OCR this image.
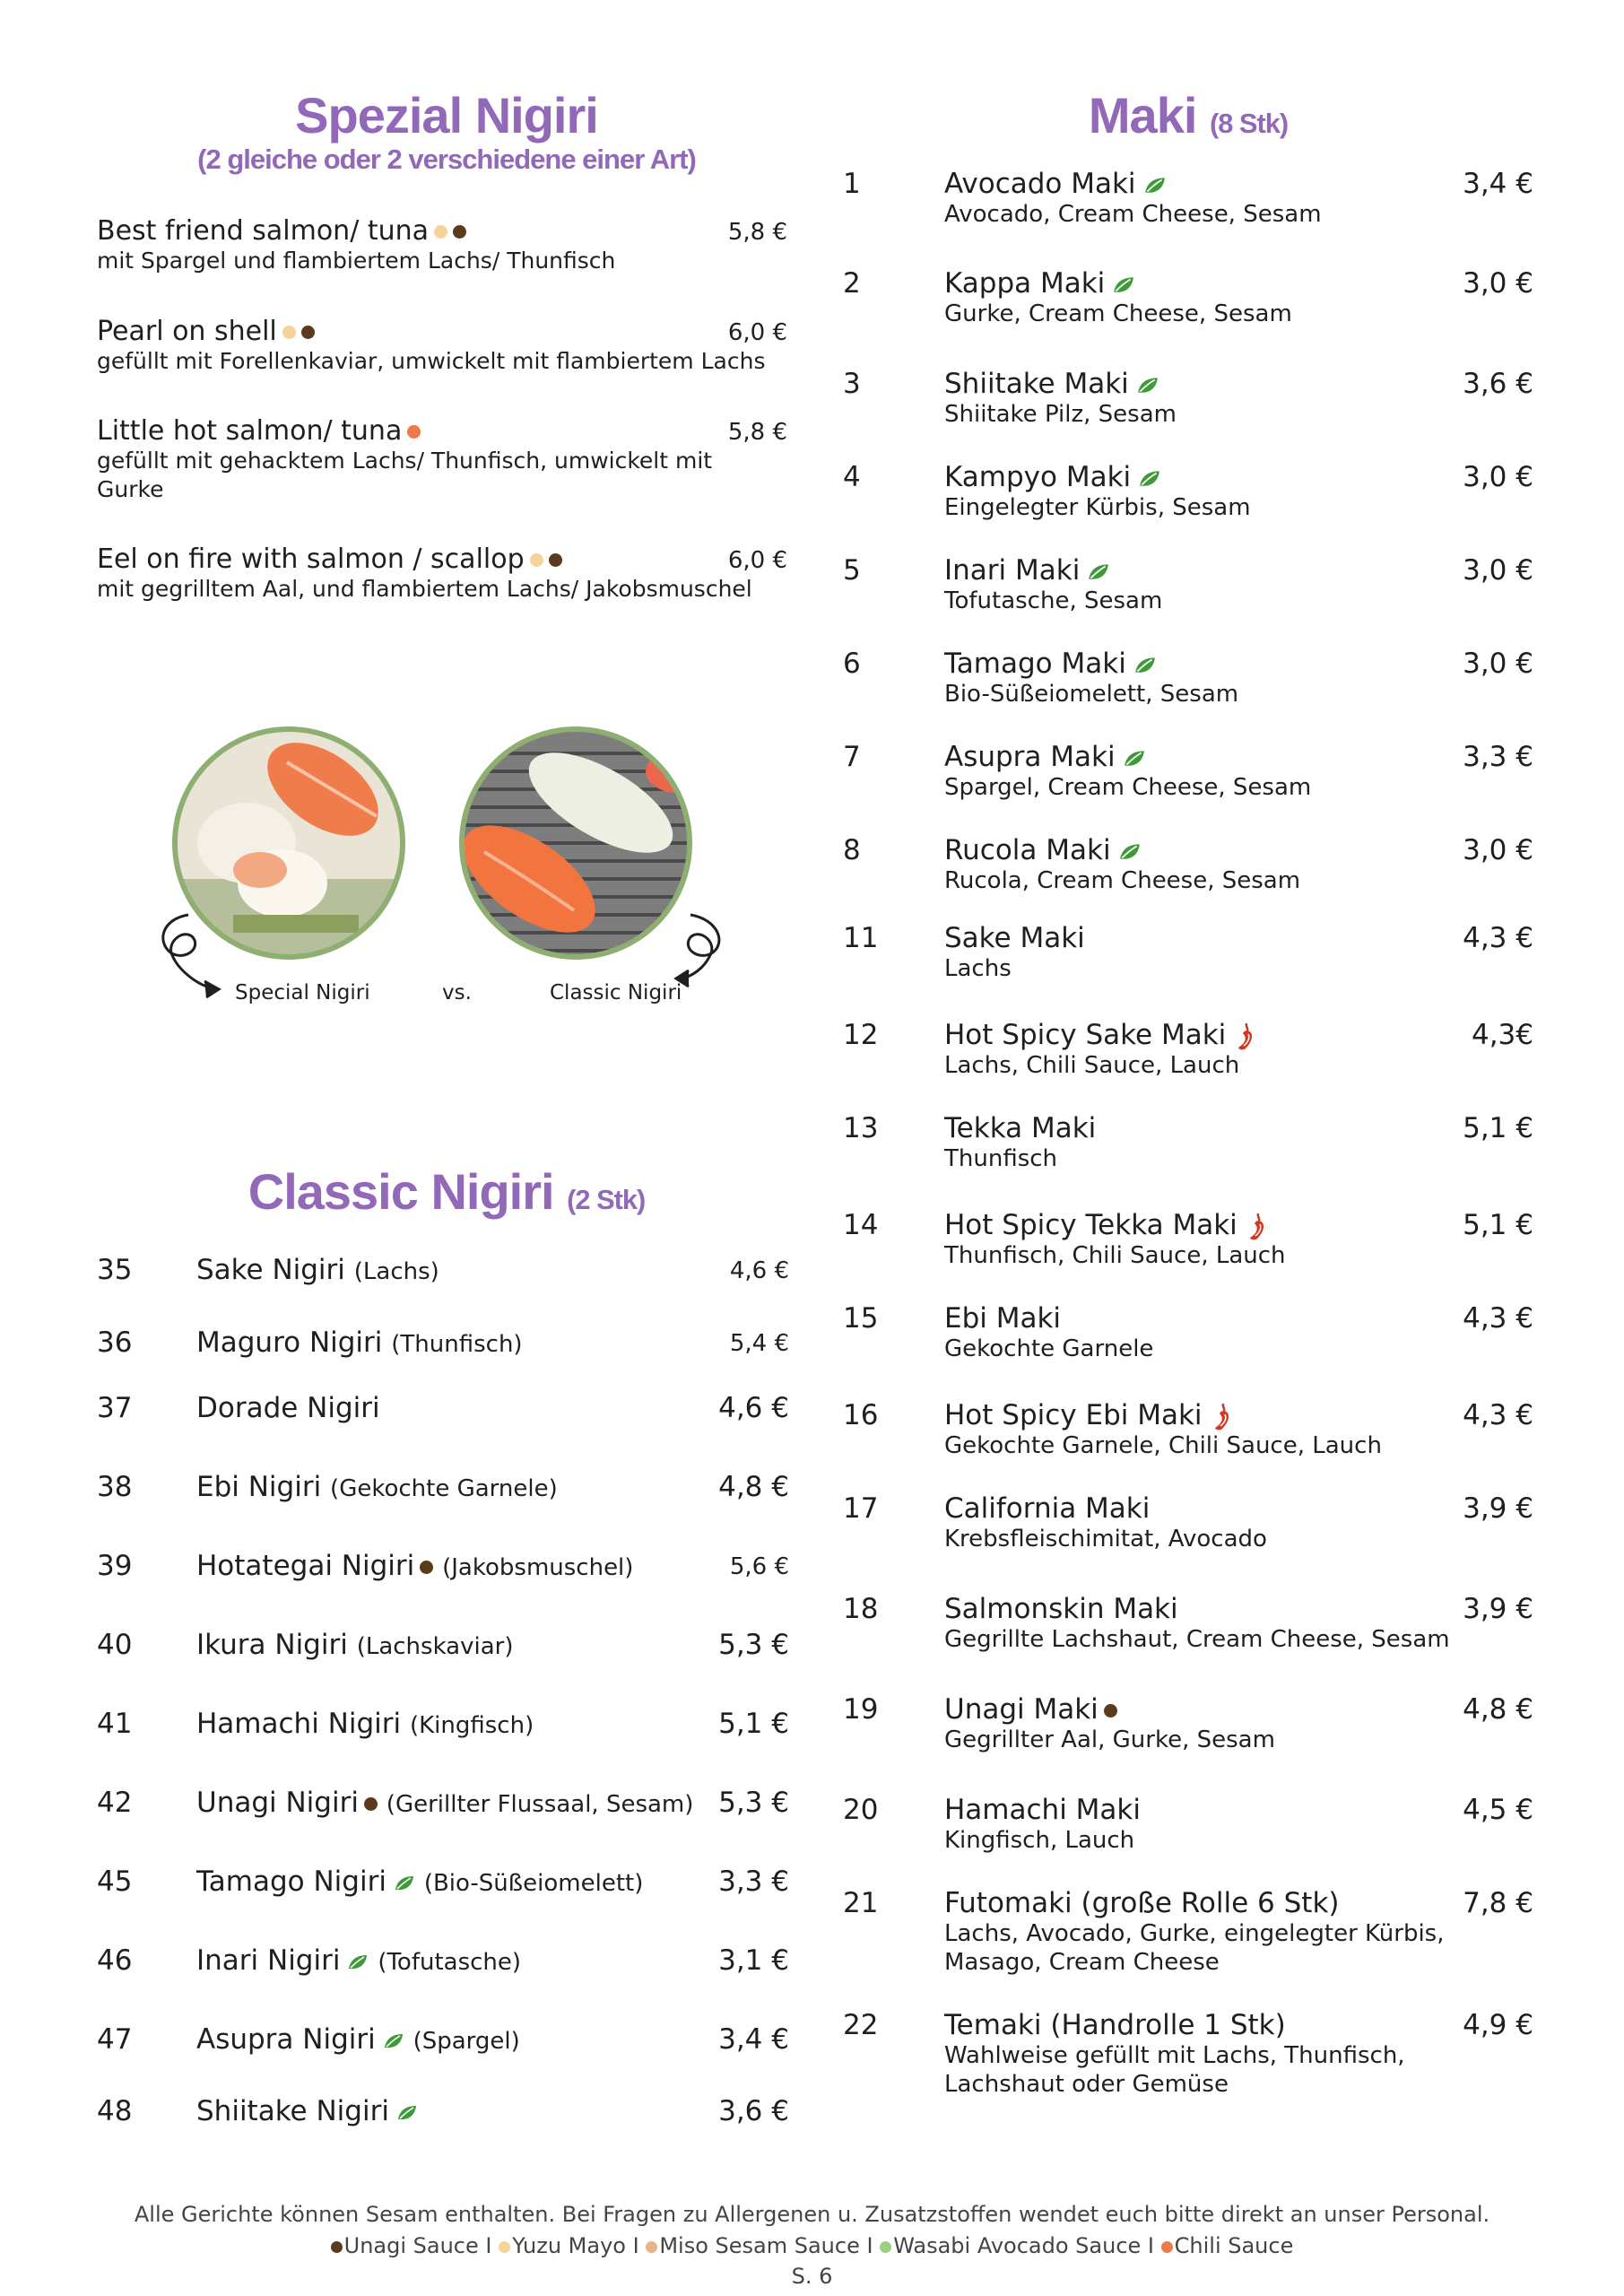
Spezial Nigiri
(2 gleiche oder 2 verschiedene einer Art)
Best friend salmon/ tuna
mit Spargel und flambiertem Lachs/ Thunfisch
5,8 €
Pearl on shell
gefüllt mit Forellenkaviar, umwickelt mit flambiertem Lachs
6,0 €
Little hot salmon/ tuna
gefüllt mit gehacktem Lachs/ Thunfisch, umwickelt mit Gurke
5,8 €
Eel on fire with salmon / scallop
mit gegrilltem Aal, und flambiertem Lachs/ Jakobsmuschel
6,0 €
Special Nigiri	vs.	Classic Nigiri
Classic Nigiri (2 Stk)
35 Sake Nigiri (Lachs)	4,6 €
36 Maguro Nigiri (Thunfisch)	5,4 €
37 Dorade Nigiri	4,6 €
38 Ebi Nigiri (Gekochte Garnele)	4,8 €
39 Hotategai Nigiri (Jakobsmuschel)	5,6 €
40 Ikura Nigiri (Lachskaviar)	5,3 €
41 Hamachi Nigiri (Kingfisch)	5,1 €
42 Unagi Nigiri (Gerillter Flussaal, Sesam) 5,3 €
45 Tamago Nigiri (Bio-Süßeiomelett)	3,3 €
46 Inari Nigiri (Tofutasche)	3,1 €
47 Asupra Nigiri (Spargel)	3,4 €
48 Shiitake Nigiri	3,6 €
Maki (8 Stk)
1	Avocado Maki
Avocado, Cream Cheese, Sesam
3,4 €
2	Kappa Maki
Gurke, Cream Cheese, Sesam
3,0 €
3	Shiitake Maki
Shiitake Pilz, Sesam
3,6 €
4	Kampyo Maki
Eingelegter Kürbis, Sesam
3,0 €
5	Inari Maki
Tofutasche, Sesam
3,0 €
6	Tamago Maki
Bio-Süßeiomelett, Sesam
3,0 €
7	Asupra Maki
Spargel, Cream Cheese, Sesam
3,3 €
8	Rucola Maki
Rucola, Cream Cheese, Sesam
3,0 €
11 Sake Maki
Lachs
4,3 €
12 Hot Spicy Sake Maki
Lachs, Chili Sauce, Lauch
4,3€
13 Tekka Maki
Thunfisch
5,1 €
14 Hot Spicy Tekka Maki
Thunfisch, Chili Sauce, Lauch
5,1 €
15 Ebi Maki
Gekochte Garnele
4,3 €
16 Hot Spicy Ebi Maki
Gekochte Garnele, Chili Sauce, Lauch
4,3 €
17 California Maki
Krebsfleischimitat, Avocado
3,9 €
18 Salmonskin Maki
Gegrillte Lachshaut, Cream Cheese, Sesam
3,9 €
19 Unagi Maki
Gegrillter Aal, Gurke, Sesam
4,8 €
20 Hamachi Maki
Kingfisch, Lauch
4,5 €
21 Futomaki (große Rolle 6 Stk)
Lachs, Avocado, Gurke, eingelegter Kürbis, Masago, Cream Cheese
7,8 €
22 Temaki (Handrolle 1 Stk)
Wahlweise gefüllt mit Lachs, Thunfisch, Lachshaut oder Gemüse
4,9 €
Alle Gerichte können Sesam enthalten. Bei Fragen zu Allergenen u. Zusatzstoffen wendet euch bitte direkt an unser Personal.
Unagi Sauce I Yuzu Mayo I Miso Sesam Sauce I Wasabi Avocado Sauce I Chili Sauce
S. 6
